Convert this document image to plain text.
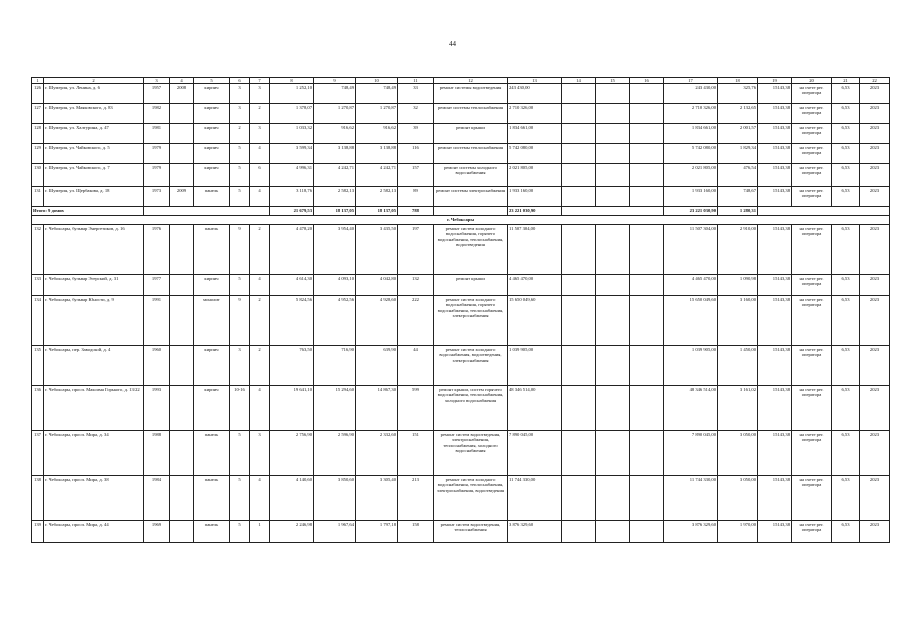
44
1	2	3	4	5	6	7	8	9	10	11	12	13	14	15	16	17	18	19	20	21	22
126	г. Шумерля, ул. Ленина, д. 6	1957	2008	кирпич	3	3	1 252,10	748,49	748,49	33	ремонт системы водоотведения	243 430,00				243 430,00	325,76	15143,38	на счете рег. оператора	6,53	2023
127	г. Шумерля, ул. Маяковского, д. 83	1982		кирпич	3	2	1 378,07	1 270,87	1 270,87	32	ремонт системы теплоснабжения	2 710 326,00				2 710 326,00	2 132,65	15143,38	на счете рег. оператора	6,53	2023
128	г. Шумерля, ул. Халтурина, д. 47	1981		кирпич	2	3	1 033,32	916,62	916,62	39	ремонт крыши	1 834 661,00				1 834 661,00	2 001,57	15143,38	на счете рег. оператора	6,53	2023
129	г. Шумерля, ул. Чайковского, д. 5	1979		кирпич	5	4	3 599,34	3 138,88	3 138,88	116	ремонт системы теплоснабжения	5 742 080,00				5 742 080,00	1 829,34	15143,38	на счете рег. оператора	6,53	2023
130	г. Шумерля, ул. Чайковского, д. 7	1979		кирпич	5	6	4 996,31	4 242,71	4 242,71	157	ремонт системы холодного водоснабжения	2 021 805,00				2 021 805,00	476,54	15143,38	на счете рег. оператора	6,53	2023
131	г. Шумерля, ул. Щербакова, д. 18	1973	2009	панель	5	4	3 118,76	2 582,13	2 582,13	89	ремонт системы электроснабжения	1 933 160,00				1 933 160,00	748,67	15143,38	на счете рег. оператора	6,53	2023
Итого: 9 домов							21 679,53	18 137,05	18 137,05	788		23 221 030,90				23 221 030,90	1 280,31				
г. Чебоксары																					
132	г. Чебоксары, бульвар Энергетиков, д. 16	1976		панель	9	2	4 478,20	3 954,40	3 435,50	197	ремонт систем холодного водоснабжения, горячего водоснабжения, теплоснабжения, водоотведения	11 507 304,00				11 507 304,00	2 910,00	15143,38	на счете рег. оператора	6,53	2023
133	г. Чебоксары, бульвар Эгерский, д. 31	1977		кирпич	5	4	4 614,30	4 093,10	4 042,80	132	ремонт крыши	4 465 470,00				4 465 470,00	1 090,98	15143,38	на счете рег. оператора	6,53	2023
134	г. Чебоксары, бульвар Юности, д. 9	1991		монолит	9	2	5 824,56	4 952,56	4 928,60	222	ремонт систем холодного водоснабжения, горячего водоснабжения, теплоснабжения, электроснабжения	15 650 049,60				15 650 049,60	3 160,00	15143,38	на счете рег. оператора	6,53	2023
135	г. Чебоксары, пер. Заводской, д. 4	1960		кирпич	3	2	763,50	716,90	639,90	44	ремонт систем холодного водоснабжения, водоотведения, электроснабжения	1 039 905,00				1 039 905,00	1 450,00	15143,38	на счете рег. оператора	6,53	2023
136	г. Чебоксары, просп. Максима Горького, д. 13/22	1993		кирпич	10-16	4	19 641,10	15 294,60	14 867,30	599	ремонт крыши, систем горячего водоснабжения, теплоснабжения, холодного водоснабжения	48 346 514,00				48 346 514,00	3 161,02	15143,38	на счете рег. оператора	6,53	2023
137	г. Чебоксары, просп. Мира, д. 34	1988		панель	5	3	2 756,90	2 596,90	2 332,60	151	ремонт систем водоотведения, электроснабжения, теплоснабжения, холодного водоснабжения	7 890 045,00				7 890 045,00	3 050,00	15143,38	на счете рег. оператора	6,53	2023
138	г. Чебоксары, просп. Мира, д. 38	1984		панель	5	4	4 140,60	3 850,60	3 305,40	213	ремонт систем холодного водоснабжения, теплоснабжения, электроснабжения, водоотведения	11 744 330,00				11 744 330,00	3 050,00	15143,38	на счете рег. оператора	6,53	2023
139	г. Чебоксары, просп. Мира, д. 44	1969		панель	5	1	2 246,98	1 967,64	1 797,18	158	ремонт систем водоотведения, теплоснабжения	3 876 329,60				3 876 329,60	1 970,00	15143,38	на счете рег. оператора	6,53	2023
